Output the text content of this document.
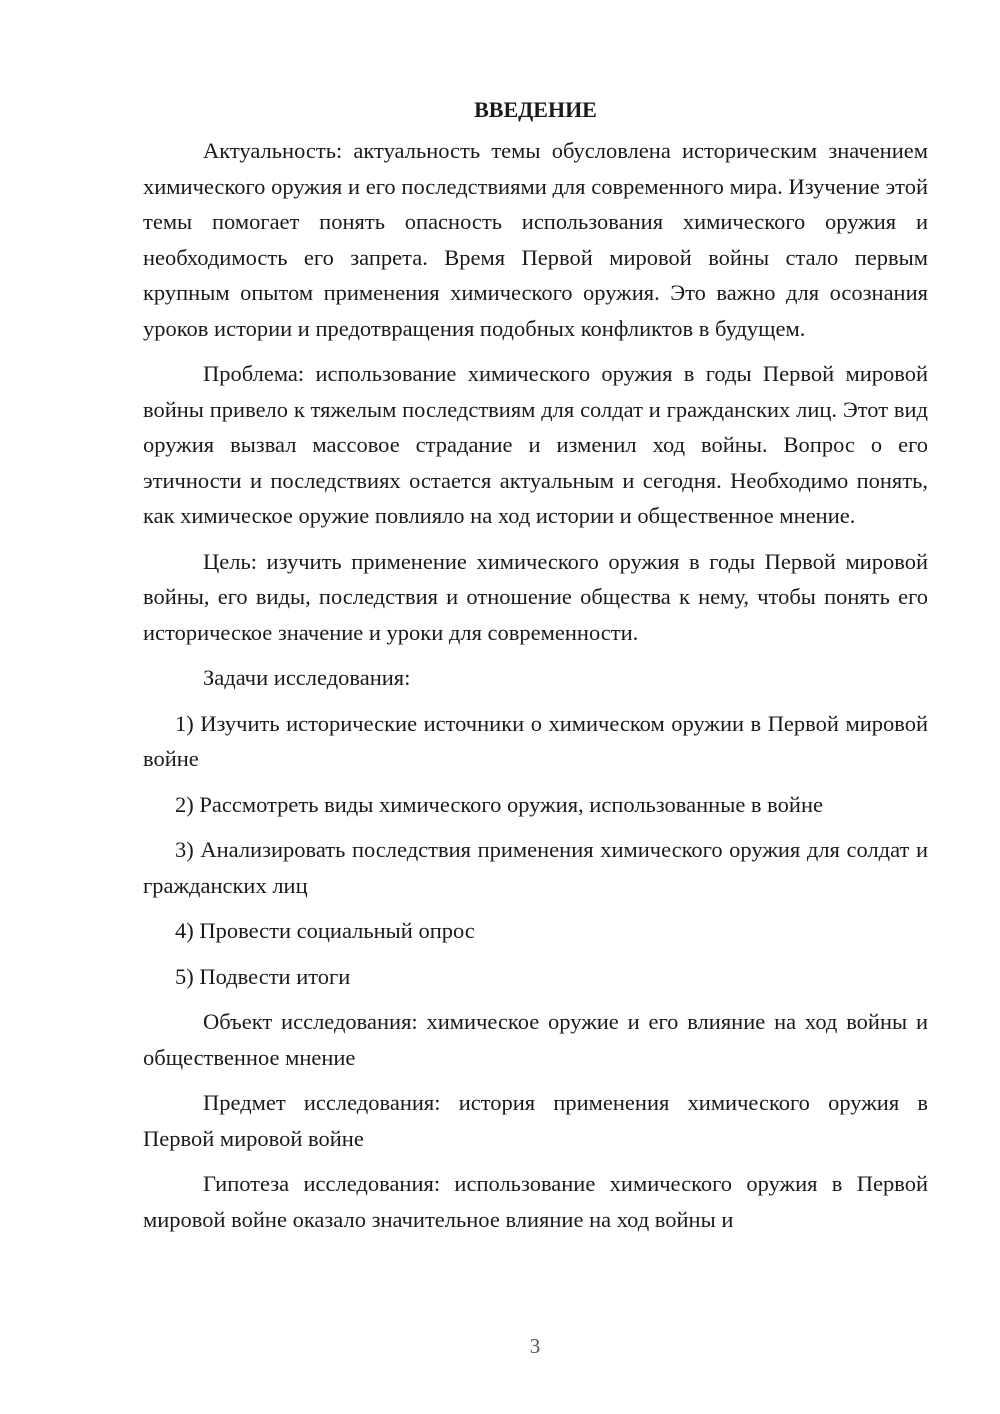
ВВЕДЕНИЕ

Актуальность: актуальность темы обусловлена историческим значением химического оружия и его последствиями для современного мира. Изучение этой темы помогает понять опасность использования химического оружия и необходимость его запрета. Время Первой мировой войны стало первым крупным опытом применения химического оружия. Это важно для осознания уроков истории и предотвращения подобных конфликтов в будущем.

Проблема: использование химического оружия в годы Первой мировой войны привело к тяжелым последствиям для солдат и гражданских лиц. Этот вид оружия вызвал массовое страдание и изменил ход войны. Вопрос о его этичности и последствиях остается актуальным и сегодня. Необходимо понять, как химическое оружие повлияло на ход истории и общественное мнение.

Цель: изучить применение химического оружия в годы Первой мировой войны, его виды, последствия и отношение общества к нему, чтобы понять его историческое значение и уроки для современности.

Задачи исследования:

1) Изучить исторические источники о химическом оружии в Первой мировой войне

2) Рассмотреть виды химического оружия, использованные в войне

3) Анализировать последствия применения химического оружия для солдат и гражданских лиц

4) Провести социальный опрос

5) Подвести итоги

Объект исследования: химическое оружие и его влияние на ход войны и общественное мнение

Предмет исследования: история применения химического оружия в Первой мировой войне

Гипотеза исследования: использование химического оружия в Первой мировой войне оказало значительное влияние на ход войны и

3
